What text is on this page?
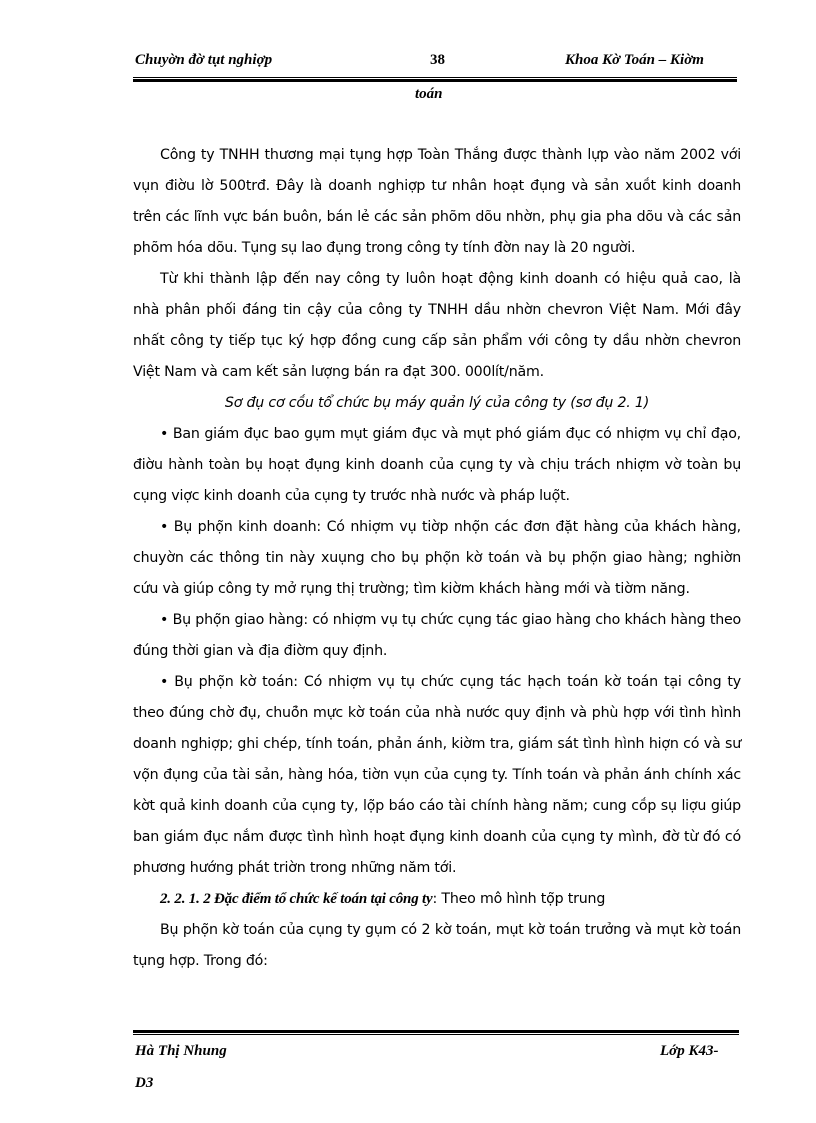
Chuyờn đờ tụt nghiợp	38	Khoa Kờ Toán – Kiờm
toán

Công ty TNHH thương mại tụng hợp Toàn Thắng được thành lựp vào năm 2002 với vụn điờu lờ 500trđ. Đây là doanh nghiợp tư nhân hoạt đụng và sản xuṍt kinh doanh trên các lĩnh vực bán buôn, bán lẻ các sản phõm dõu nhờn, phụ gia pha dõu và các sản phõm hóa dõu. Tụng sụ lao đụng trong công ty tính đờn nay là 20 người.

Từ khi thành lập đến nay công ty luôn hoạt động kinh doanh có hiệu quả cao, là nhà phân phối đáng tin cậy của công ty TNHH dầu nhờn chevron Việt Nam. Mới đây nhất công ty tiếp tục ký hợp đồng cung cấp sản phẩm với công ty dầu nhờn chevron Việt Nam và cam kết sản lượng bán ra đạt 300. 000lít/năm.

Sơ đụ cơ cṍu tổ chức bụ máy quản lý của công ty (sơ đụ 2. 1)

• Ban giám đục bao gụm mụt giám đục và mụt phó giám đục có nhiợm vụ chỉ đạo, điờu hành toàn bụ hoạt đụng kinh doanh của cụng ty và chịu trách nhiợm vờ toàn bụ cụng viợc kinh doanh của cụng ty trước nhà nước và pháp luọ̃t.

• Bụ phọ̃n kinh doanh: Có nhiợm vụ tiờp nhọ̃n các đơn đặt hàng của khách hàng, chuyờn các thông tin này xuụng cho bụ phọ̃n kờ toán và bụ phọ̃n giao hàng; nghiờn cứu và giúp công ty mở rụng thị trường; tìm kiờm khách hàng mới và tiờm năng.

• Bụ phọ̃n giao hàng: có nhiợm vụ tụ chức cụng tác giao hàng cho khách hàng theo đúng thời gian và địa điờm quy định.

• Bụ phọ̃n kờ toán: Có nhiợm vụ tụ chức cụng tác hạch toán kờ toán tại công ty theo đúng chờ đụ, chuõ̉n mực kờ toán của nhà nước quy định và phù hợp với tình hình doanh nghiợp; ghi chép, tính toán, phản ánh, kiờm tra, giám sát tình hình hiợn có và sư vọ̃n đụng của tài sản, hàng hóa, tiờn vụn của cụng ty. Tính toán và phản ánh chính xác kờt quả kinh doanh của cụng ty, lọ̃p báo cáo tài chính hàng năm; cung cṍp sụ liợu giúp ban giám đục nắm được tình hình hoạt đụng kinh doanh của cụng ty mình, đờ từ đó có phương hướng phát triờn trong những năm tới.

2. 2. 1. 2 Đặc điểm tổ chức kế toán tại công ty: Theo mô hình tọ̃p trung

Bụ phọ̃n kờ toán của cụng ty gụm có 2 kờ toán, mụt kờ toán trưởng và mụt kờ toán tụng hợp. Trong đó:

Hà Thị Nhung	Lớp K43-
D3
